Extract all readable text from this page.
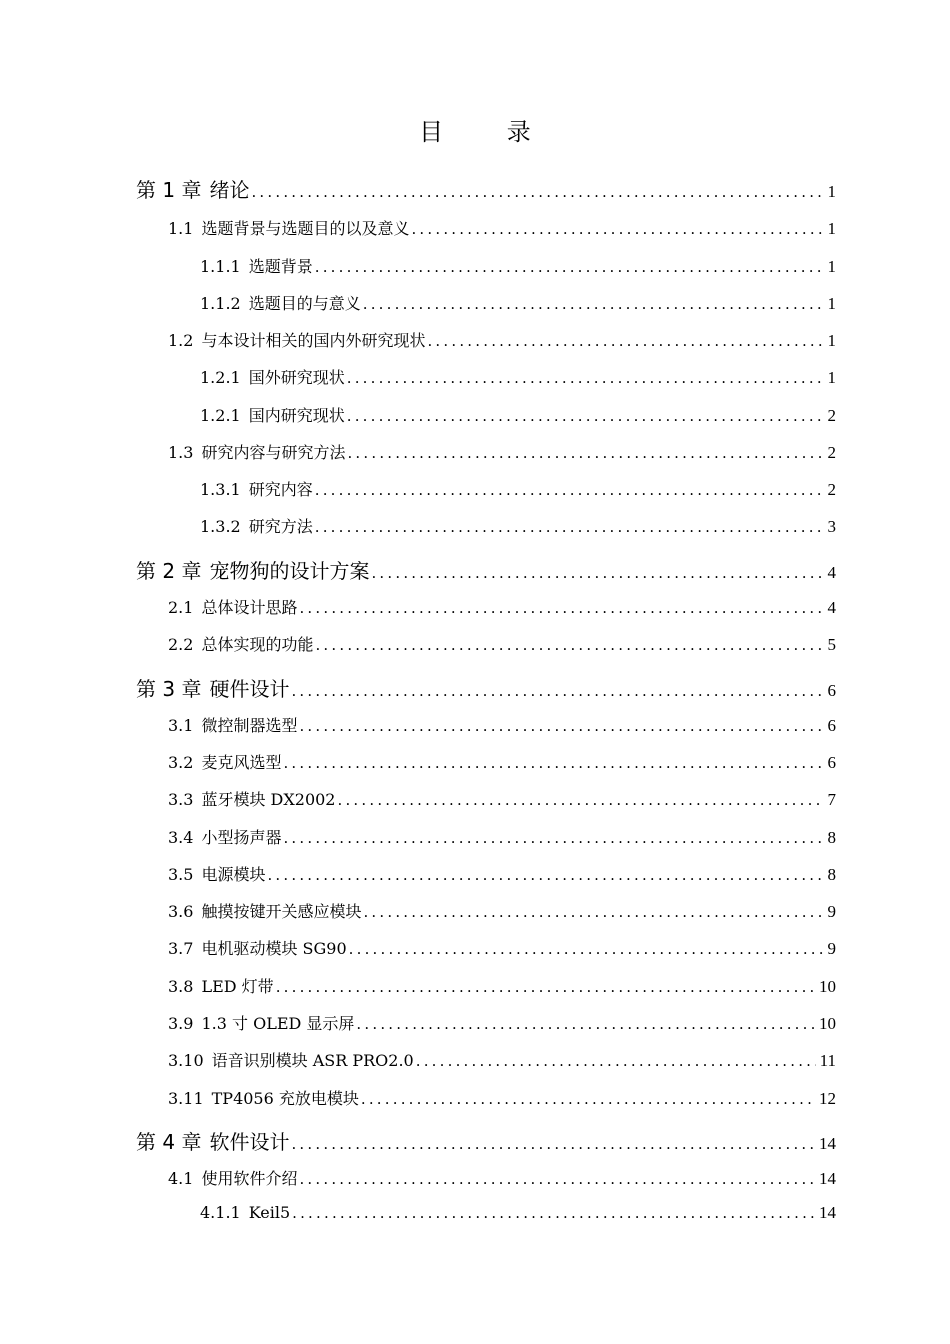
目 录
第 1 章 绪论 .....	1
1.1 选题背景与选题目的以及意义 .....	1
1.1.1 选题背景 .....	1
1.1.2 选题目的与意义 .....	1
1.2 与本设计相关的国内外研究现状 .....	1
1.2.1 国外研究现状 .....	1
1.2.1 国内研究现状 .....	2
1.3 研究内容与研究方法 .....	2
1.3.1 研究内容 .....	2
1.3.2 研究方法 .....	3
第 2 章 宠物狗的设计方案 .....	4
2.1 总体设计思路 .....	4
2.2 总体实现的功能 .....	5
第 3 章 硬件设计 .....	6
3.1 微控制器选型 .....	6
3.2 麦克风选型 .....	6
3.3 蓝牙模块 DX2002 .....	7
3.4 小型扬声器 .....	8
3.5 电源模块 .....	8
3.6 触摸按键开关感应模块 .....	9
3.7 电机驱动模块 SG90 .....	9
3.8 LED 灯带 .....	10
3.9 1.3 寸 OLED 显示屏 .....	10
3.10 语音识别模块 ASR PRO2.0 .....	11
3.11 TP4056 充放电模块 .....	12
第 4 章 软件设计 .....	14
4.1 使用软件介绍 .....	14
4.1.1 Keil5 .....	14
